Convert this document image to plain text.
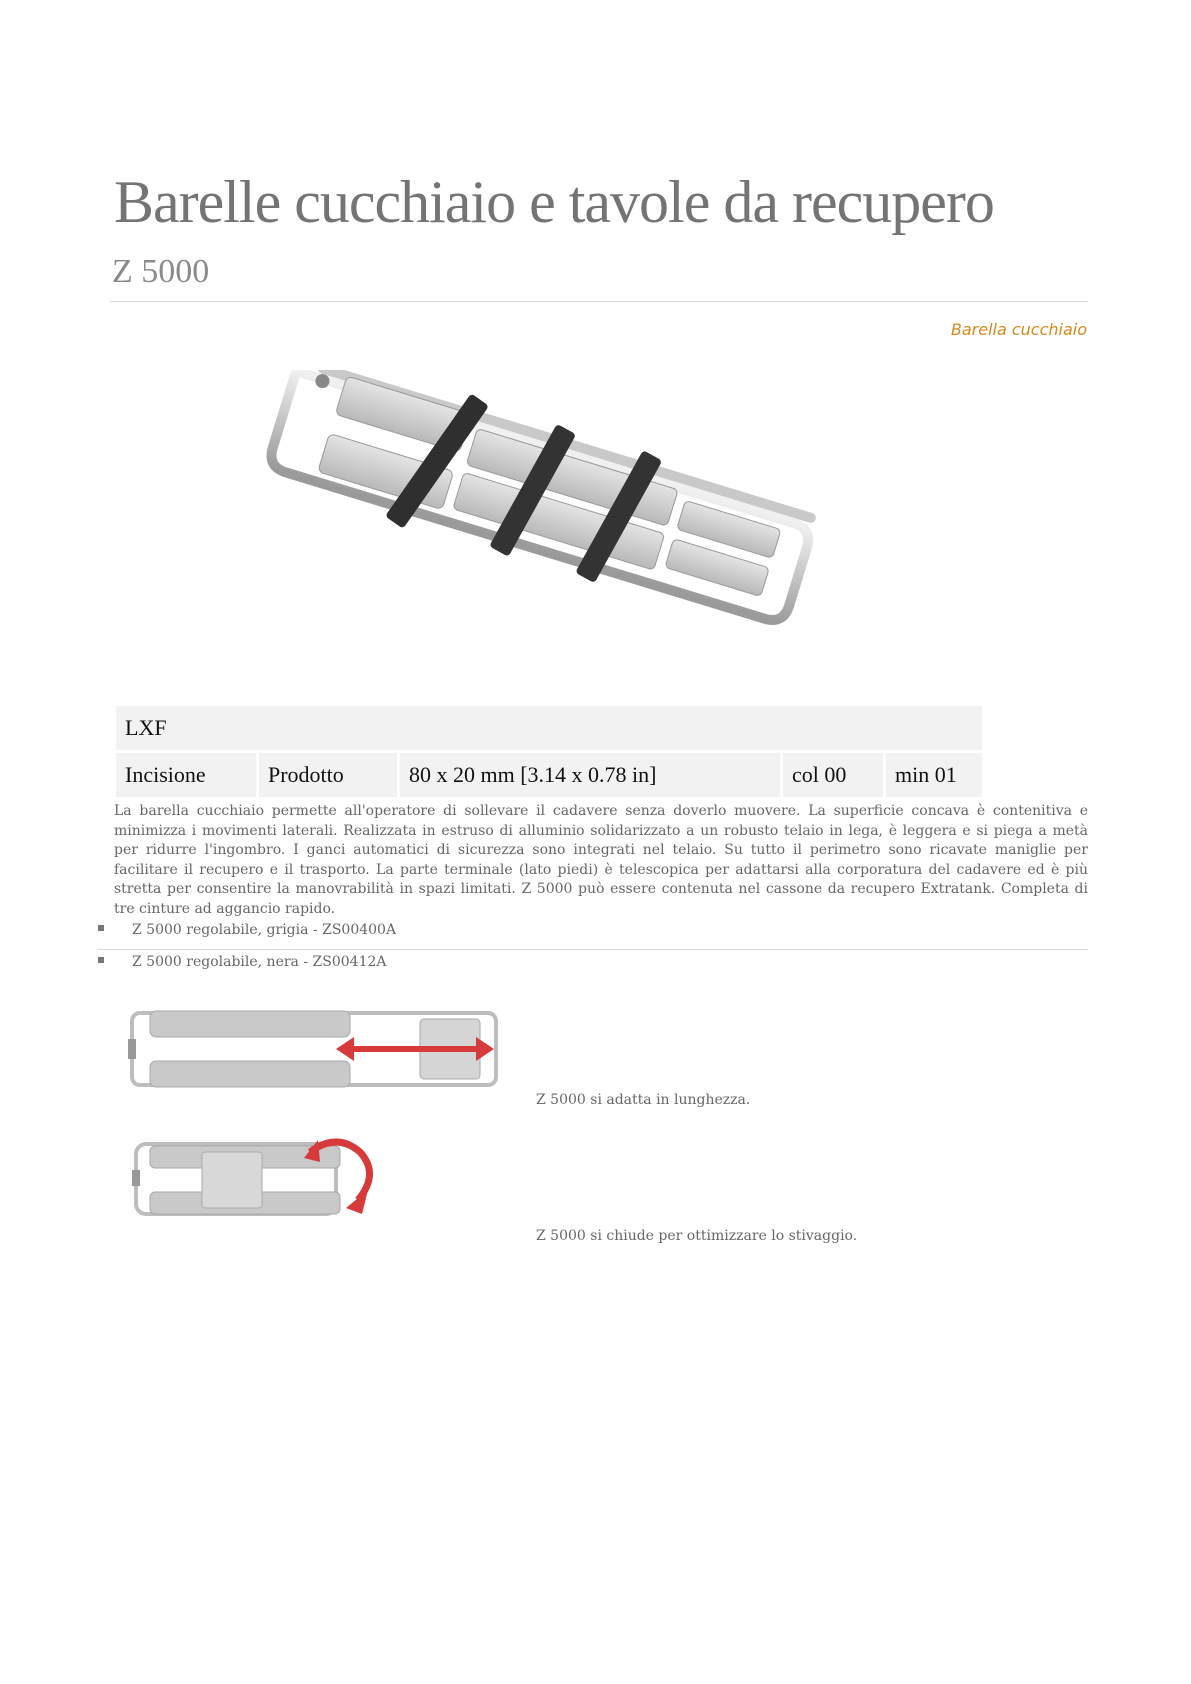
Barelle cucchiaio e tavole da recupero
Z 5000
Barella cucchiaio
LXF

Incisione	Prodotto	80 x 20 mm [3.14 x 0.78 in]	col 00	min 01

La barella cucchiaio permette all'operatore di sollevare il cadavere senza doverlo muovere. La superficie concava è contenitiva e minimizza i movimenti laterali. Realizzata in estruso di alluminio solidarizzato a un robusto telaio in lega, è leggera e si piega a metà per ridurre l'ingombro. I ganci automatici di sicurezza sono integrati nel telaio. Su tutto il perimetro sono ricavate maniglie per facilitare il recupero e il trasporto. La parte terminale (lato piedi) è telescopica per adattarsi alla corporatura del cadavere ed è più stretta per consentire la manovrabilità in spazi limitati. Z 5000 può essere contenuta nel cassone da recupero Extratank. Completa di tre cinture ad aggancio rapido.

Z 5000 regolabile, grigia - ZS00400A
Z 5000 regolabile, nera - ZS00412A
Z 5000 si adatta in lunghezza.
Z 5000 si chiude per ottimizzare lo stivaggio.
